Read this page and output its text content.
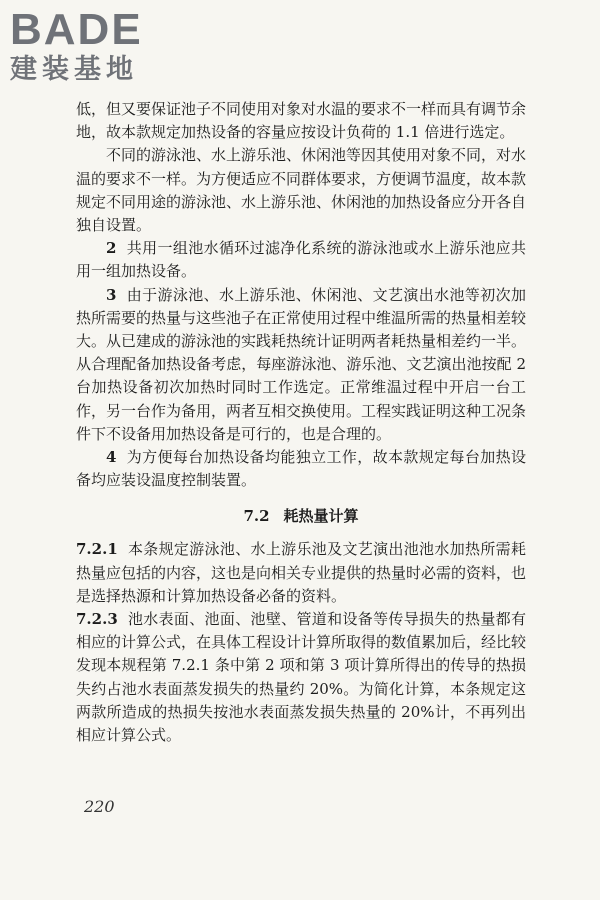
BADE
建装基地

低，但又要保证池子不同使用对象对水温的要求不一样而具有调节余地，故本款规定加热设备的容量应按设计负荷的 1.1 倍进行选定。

不同的游泳池、水上游乐池、休闲池等因其使用对象不同，对水温的要求不一样。为方便适应不同群体要求，方便调节温度，故本款规定不同用途的游泳池、水上游乐池、休闲池的加热设备应分开各自独自设置。

2 共用一组池水循环过滤净化系统的游泳池或水上游乐池应共用一组加热设备。

3 由于游泳池、水上游乐池、休闲池、文艺演出水池等初次加热所需要的热量与这些池子在正常使用过程中维温所需的热量相差较大。从已建成的游泳池的实践耗热统计证明两者耗热量相差约一半。从合理配备加热设备考虑，每座游泳池、游乐池、文艺演出池按配 2 台加热设备初次加热时同时工作选定。正常维温过程中开启一台工作，另一台作为备用，两者互相交换使用。工程实践证明这种工况条件下不设备用加热设备是可行的，也是合理的。

4 为方便每台加热设备均能独立工作，故本款规定每台加热设备均应装设温度控制装置。

7.2 耗热量计算

7.2.1 本条规定游泳池、水上游乐池及文艺演出池池水加热所需耗热量应包括的内容，这也是向相关专业提供的热量时必需的资料，也是选择热源和计算加热设备必备的资料。

7.2.3 池水表面、池面、池壁、管道和设备等传导损失的热量都有相应的计算公式，在具体工程设计计算所取得的数值累加后，经比较发现本规程第 7.2.1 条中第 2 项和第 3 项计算所得出的传导的热损失约占池水表面蒸发损失的热量约 20%。为简化计算，本条规定这两款所造成的热损失按池水表面蒸发损失热量的 20%计，不再列出相应计算公式。

220
